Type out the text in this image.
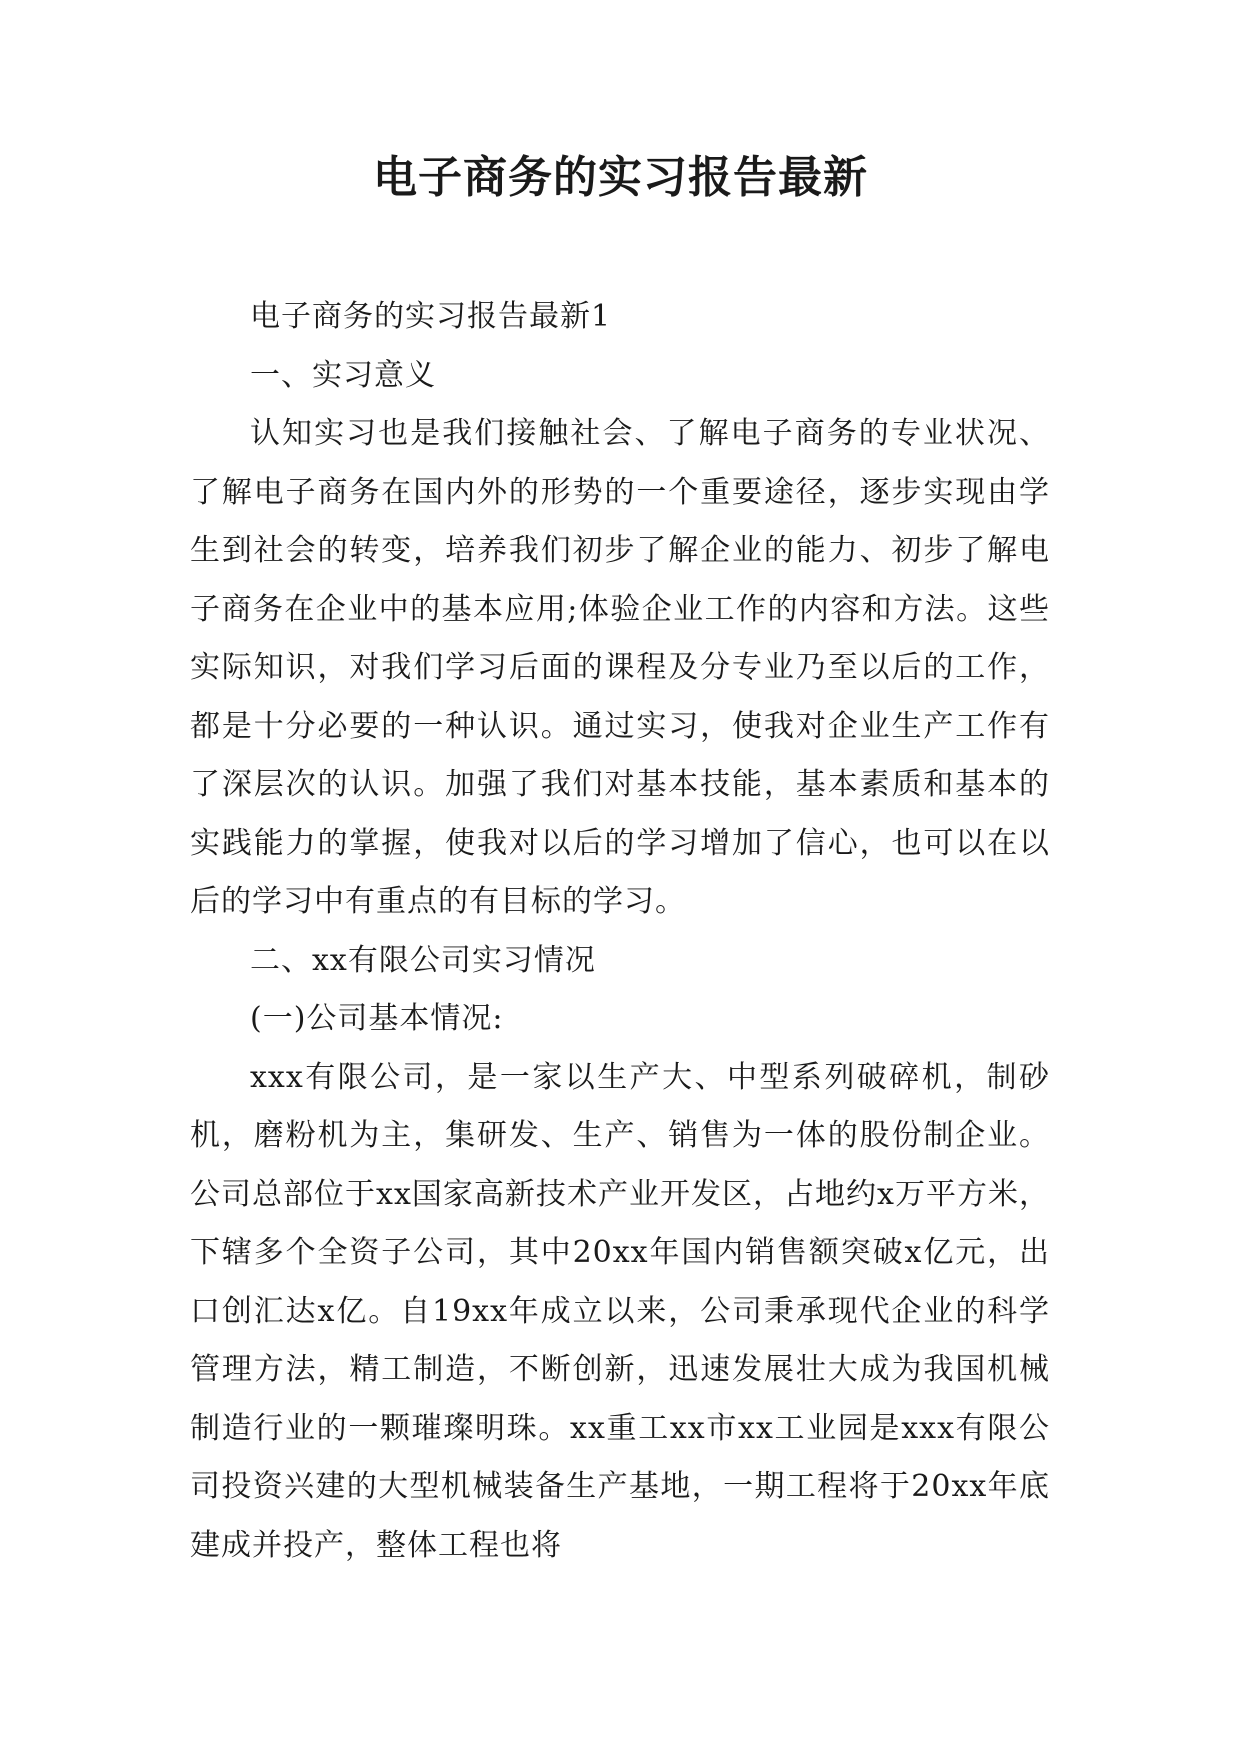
电子商务的实习报告最新

电子商务的实习报告最新1

一、实习意义

认知实习也是我们接触社会、了解电子商务的专业状况、了解电子商务在国内外的形势的一个重要途径，逐步实现由学生到社会的转变，培养我们初步了解企业的能力、初步了解电子商务在企业中的基本应用;体验企业工作的内容和方法。这些实际知识，对我们学习后面的课程及分专业乃至以后的工作，都是十分必要的一种认识。通过实习，使我对企业生产工作有了深层次的认识。加强了我们对基本技能，基本素质和基本的实践能力的掌握，使我对以后的学习增加了信心，也可以在以后的学习中有重点的有目标的学习。

二、xx有限公司实习情况

(一)公司基本情况:

xxx有限公司，是一家以生产大、中型系列破碎机，制砂机，磨粉机为主，集研发、生产、销售为一体的股份制企业。公司总部位于xx国家高新技术产业开发区，占地约x万平方米，下辖多个全资子公司，其中20xx年国内销售额突破x亿元，出口创汇达x亿。自19xx年成立以来，公司秉承现代企业的科学管理方法，精工制造，不断创新，迅速发展壮大成为我国机械制造行业的一颗璀璨明珠。xx重工xx市xx工业园是xxx有限公司投资兴建的大型机械装备生产基地，一期工程将于20xx年底建成并投产，整体工程也将
